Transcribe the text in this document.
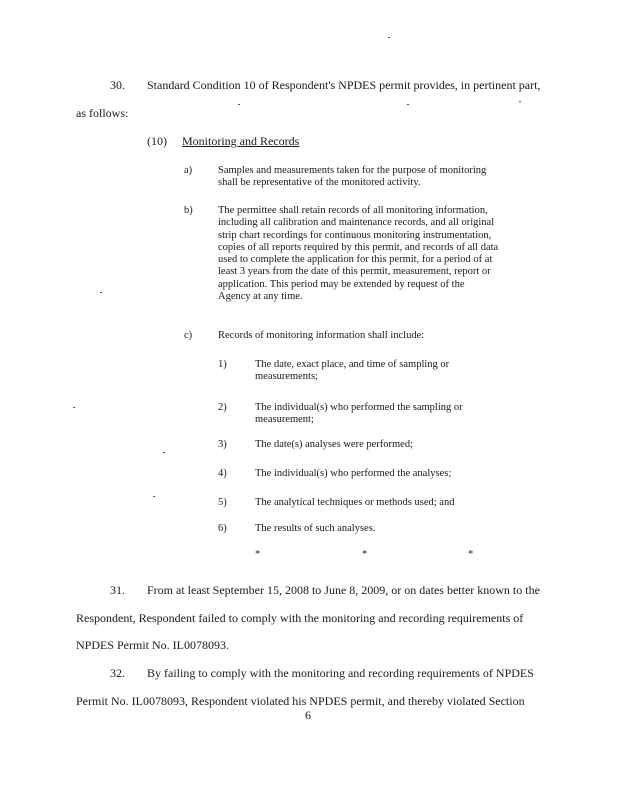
30. Standard Condition 10 of Respondent's NPDES permit provides, in pertinent part,
as follows:
(10) Monitoring and Records
a) Samples and measurements taken for the purpose of monitoring
shall be representative of the monitored activity.
b) The permittee shall retain records of all monitoring information,
including all calibration and maintenance records, and all original
strip chart recordings for continuous monitoring instrumentation,
copies of all reports required by this permit, and records of all data
used to complete the application for this permit, for a period of at
least 3 years from the date of this permit, measurement, report or
application. This period may be extended by request of the
Agency at any time.
c) Records of monitoring information shall include:
1)	The date, exact place, and time of sampling or
measurements;
2)	The individual(s) who performed the sampling or
measurement;
3)	The date(s) analyses were performed;
4)	The individual(s) who performed the analyses;
5)	The analytical techniques or methods used; and
6)	The results of such analyses.
*	*	*
31. From at least September 15, 2008 to June 8, 2009, or on dates better known to the
Respondent, Respondent failed to comply with the monitoring and recording requirements of
NPDES Permit No. IL0078093.
32. By failing to comply with the monitoring and recording requirements of NPDES
Permit No. IL0078093, Respondent violated his NPDES permit, and thereby violated Section
6
